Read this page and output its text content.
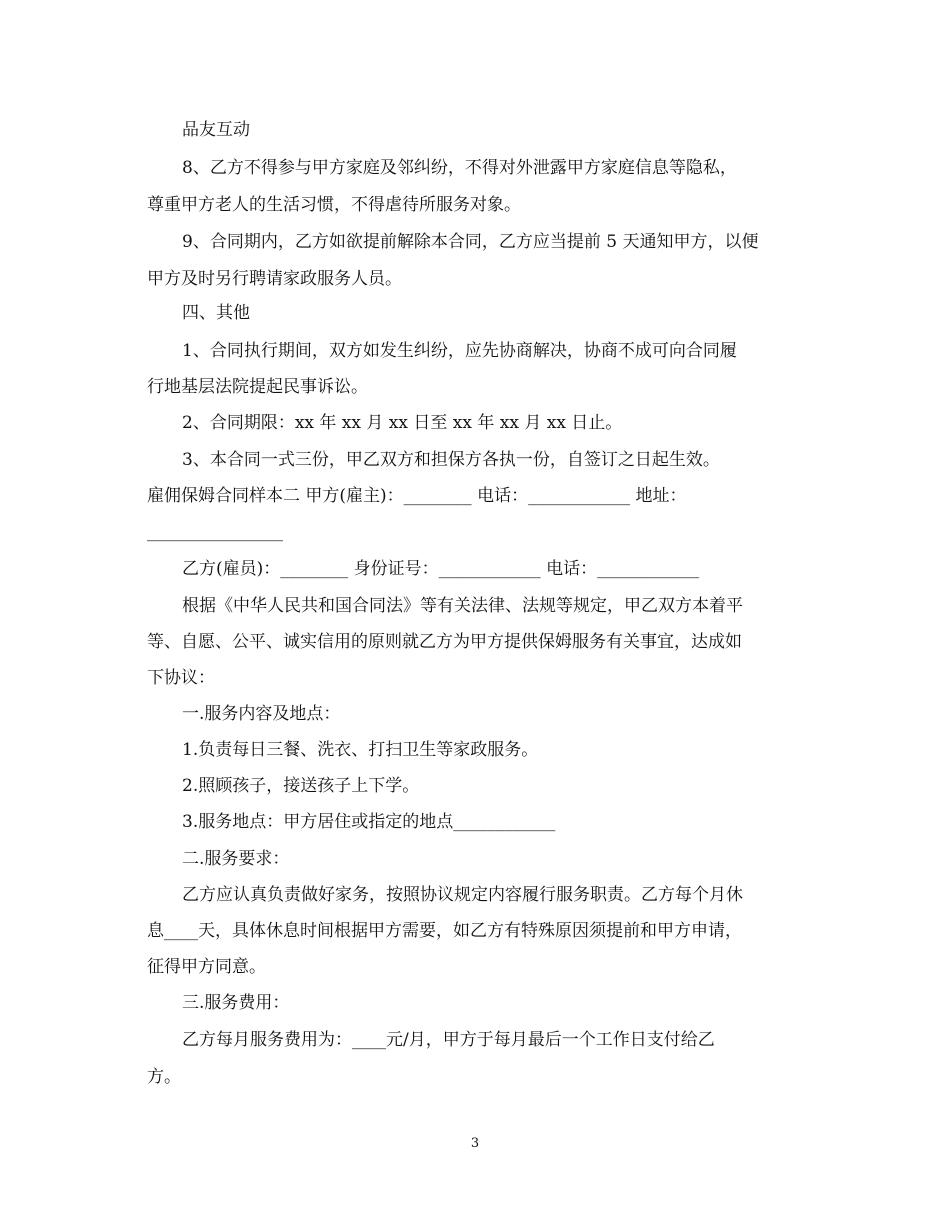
品友互动
8、乙方不得参与甲方家庭及邻纠纷，不得对外泄露甲方家庭信息等隐私，
尊重甲方老人的生活习惯，不得虐待所服务对象。
9、合同期内，乙方如欲提前解除本合同，乙方应当提前 5 天通知甲方，以便
甲方及时另行聘请家政服务人员。
四、其他
1、合同执行期间，双方如发生纠纷，应先协商解决，协商不成可向合同履
行地基层法院提起民事诉讼。
2、合同期限：xx 年 xx 月 xx 日至 xx 年 xx 月 xx 日止。
3、本合同一式三份，甲乙双方和担保方各执一份，自签订之日起生效。
雇佣保姆合同样本二 甲方(雇主)：________ 电话：____________ 地址：
________________
乙方(雇员)：________ 身份证号：____________ 电话：____________
根据《中华人民共和国合同法》等有关法律、法规等规定，甲乙双方本着平
等、自愿、公平、诚实信用的原则就乙方为甲方提供保姆服务有关事宜，达成如
下协议：
一.服务内容及地点：
1.负责每日三餐、洗衣、打扫卫生等家政服务。
2.照顾孩子，接送孩子上下学。
3.服务地点：甲方居住或指定的地点____________
二.服务要求：
乙方应认真负责做好家务，按照协议规定内容履行服务职责。乙方每个月休
息____天，具体休息时间根据甲方需要，如乙方有特殊原因须提前和甲方申请，
征得甲方同意。
三.服务费用：
乙方每月服务费用为：____元/月，甲方于每月最后一个工作日支付给乙
方。
3
